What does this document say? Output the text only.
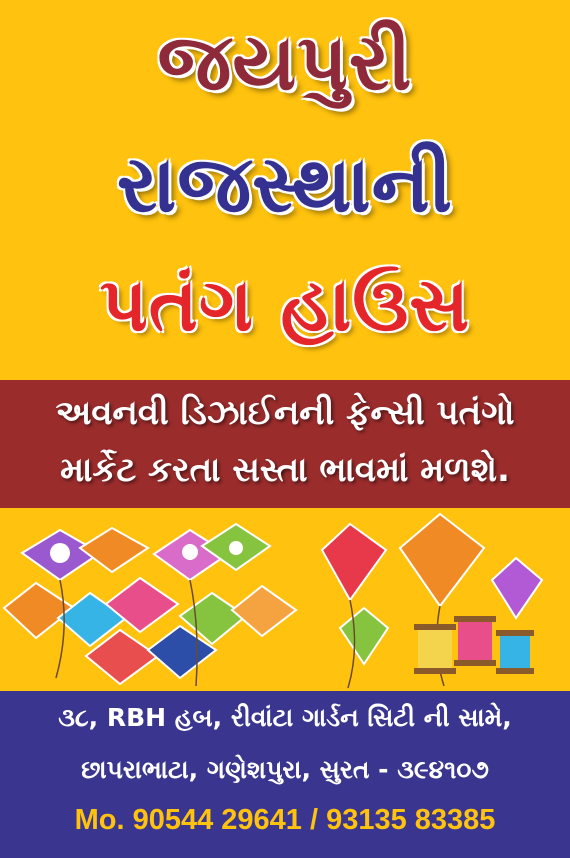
જયપુરી
રાજસ્થાની
પતંગ હાઉસ
અવનવી ડિઝાઈનની ફેન્સી પતંગો
માર્કેટ કરતા સસ્તા ભાવમાં મળશે.
૩૮, RBH હબ, રીવાંટા ગાર્ડન સિટી ની સામે,
છાપરાભાટા, ગણેશપુરા, સુરત - ૩૯૪૧૦૭
Mo. 90544 29641 / 93135 83385
